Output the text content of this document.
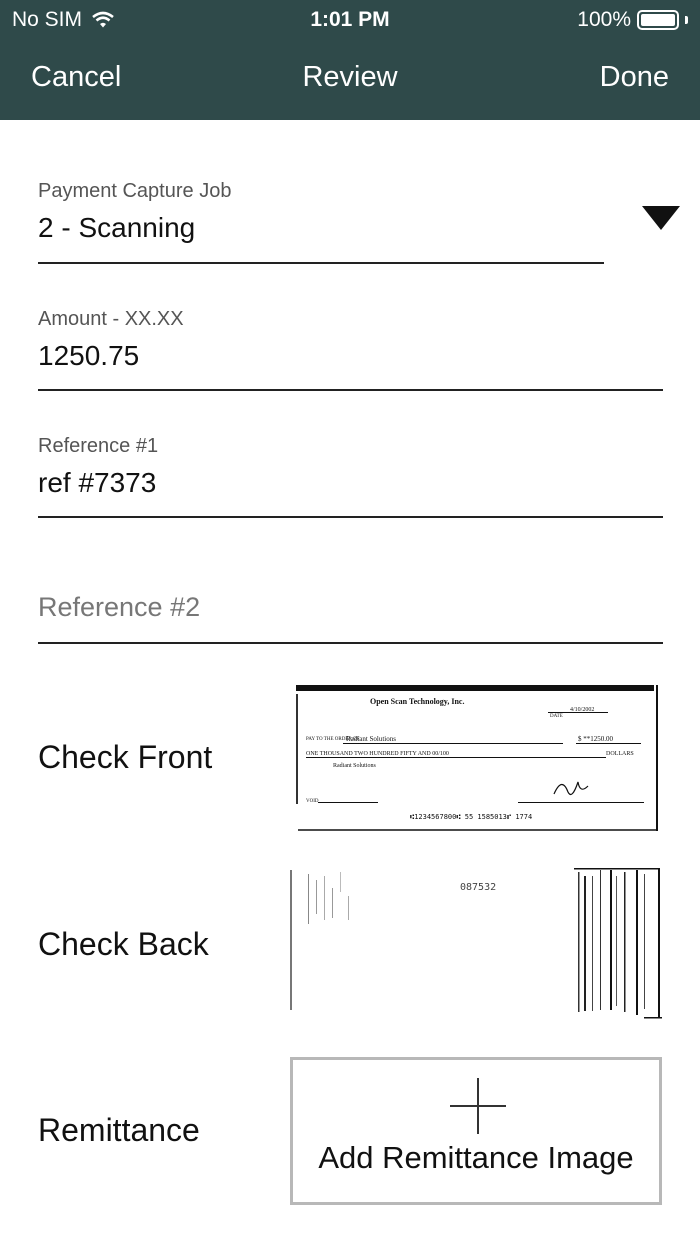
No SIM	1:01 PM	100%
Cancel	Review	Done
Payment Capture Job
2 - Scanning
Amount - XX.XX
1250.75
Reference #1
ref #7373
Reference #2
Check Front
Open Scan Technology, Inc.
DATE
4/10/2002
PAY TO THE ORDER OF
Radiant Solutions	$ **1250.00
ONE THOUSAND TWO HUNDRED FIFTY AND 00/100	DOLLARS
Radiant Solutions
VOID
⑆1234567800⑆ 55 1585013⑈ 1774
Check Back
087532
Remittance
Add Remittance Image
